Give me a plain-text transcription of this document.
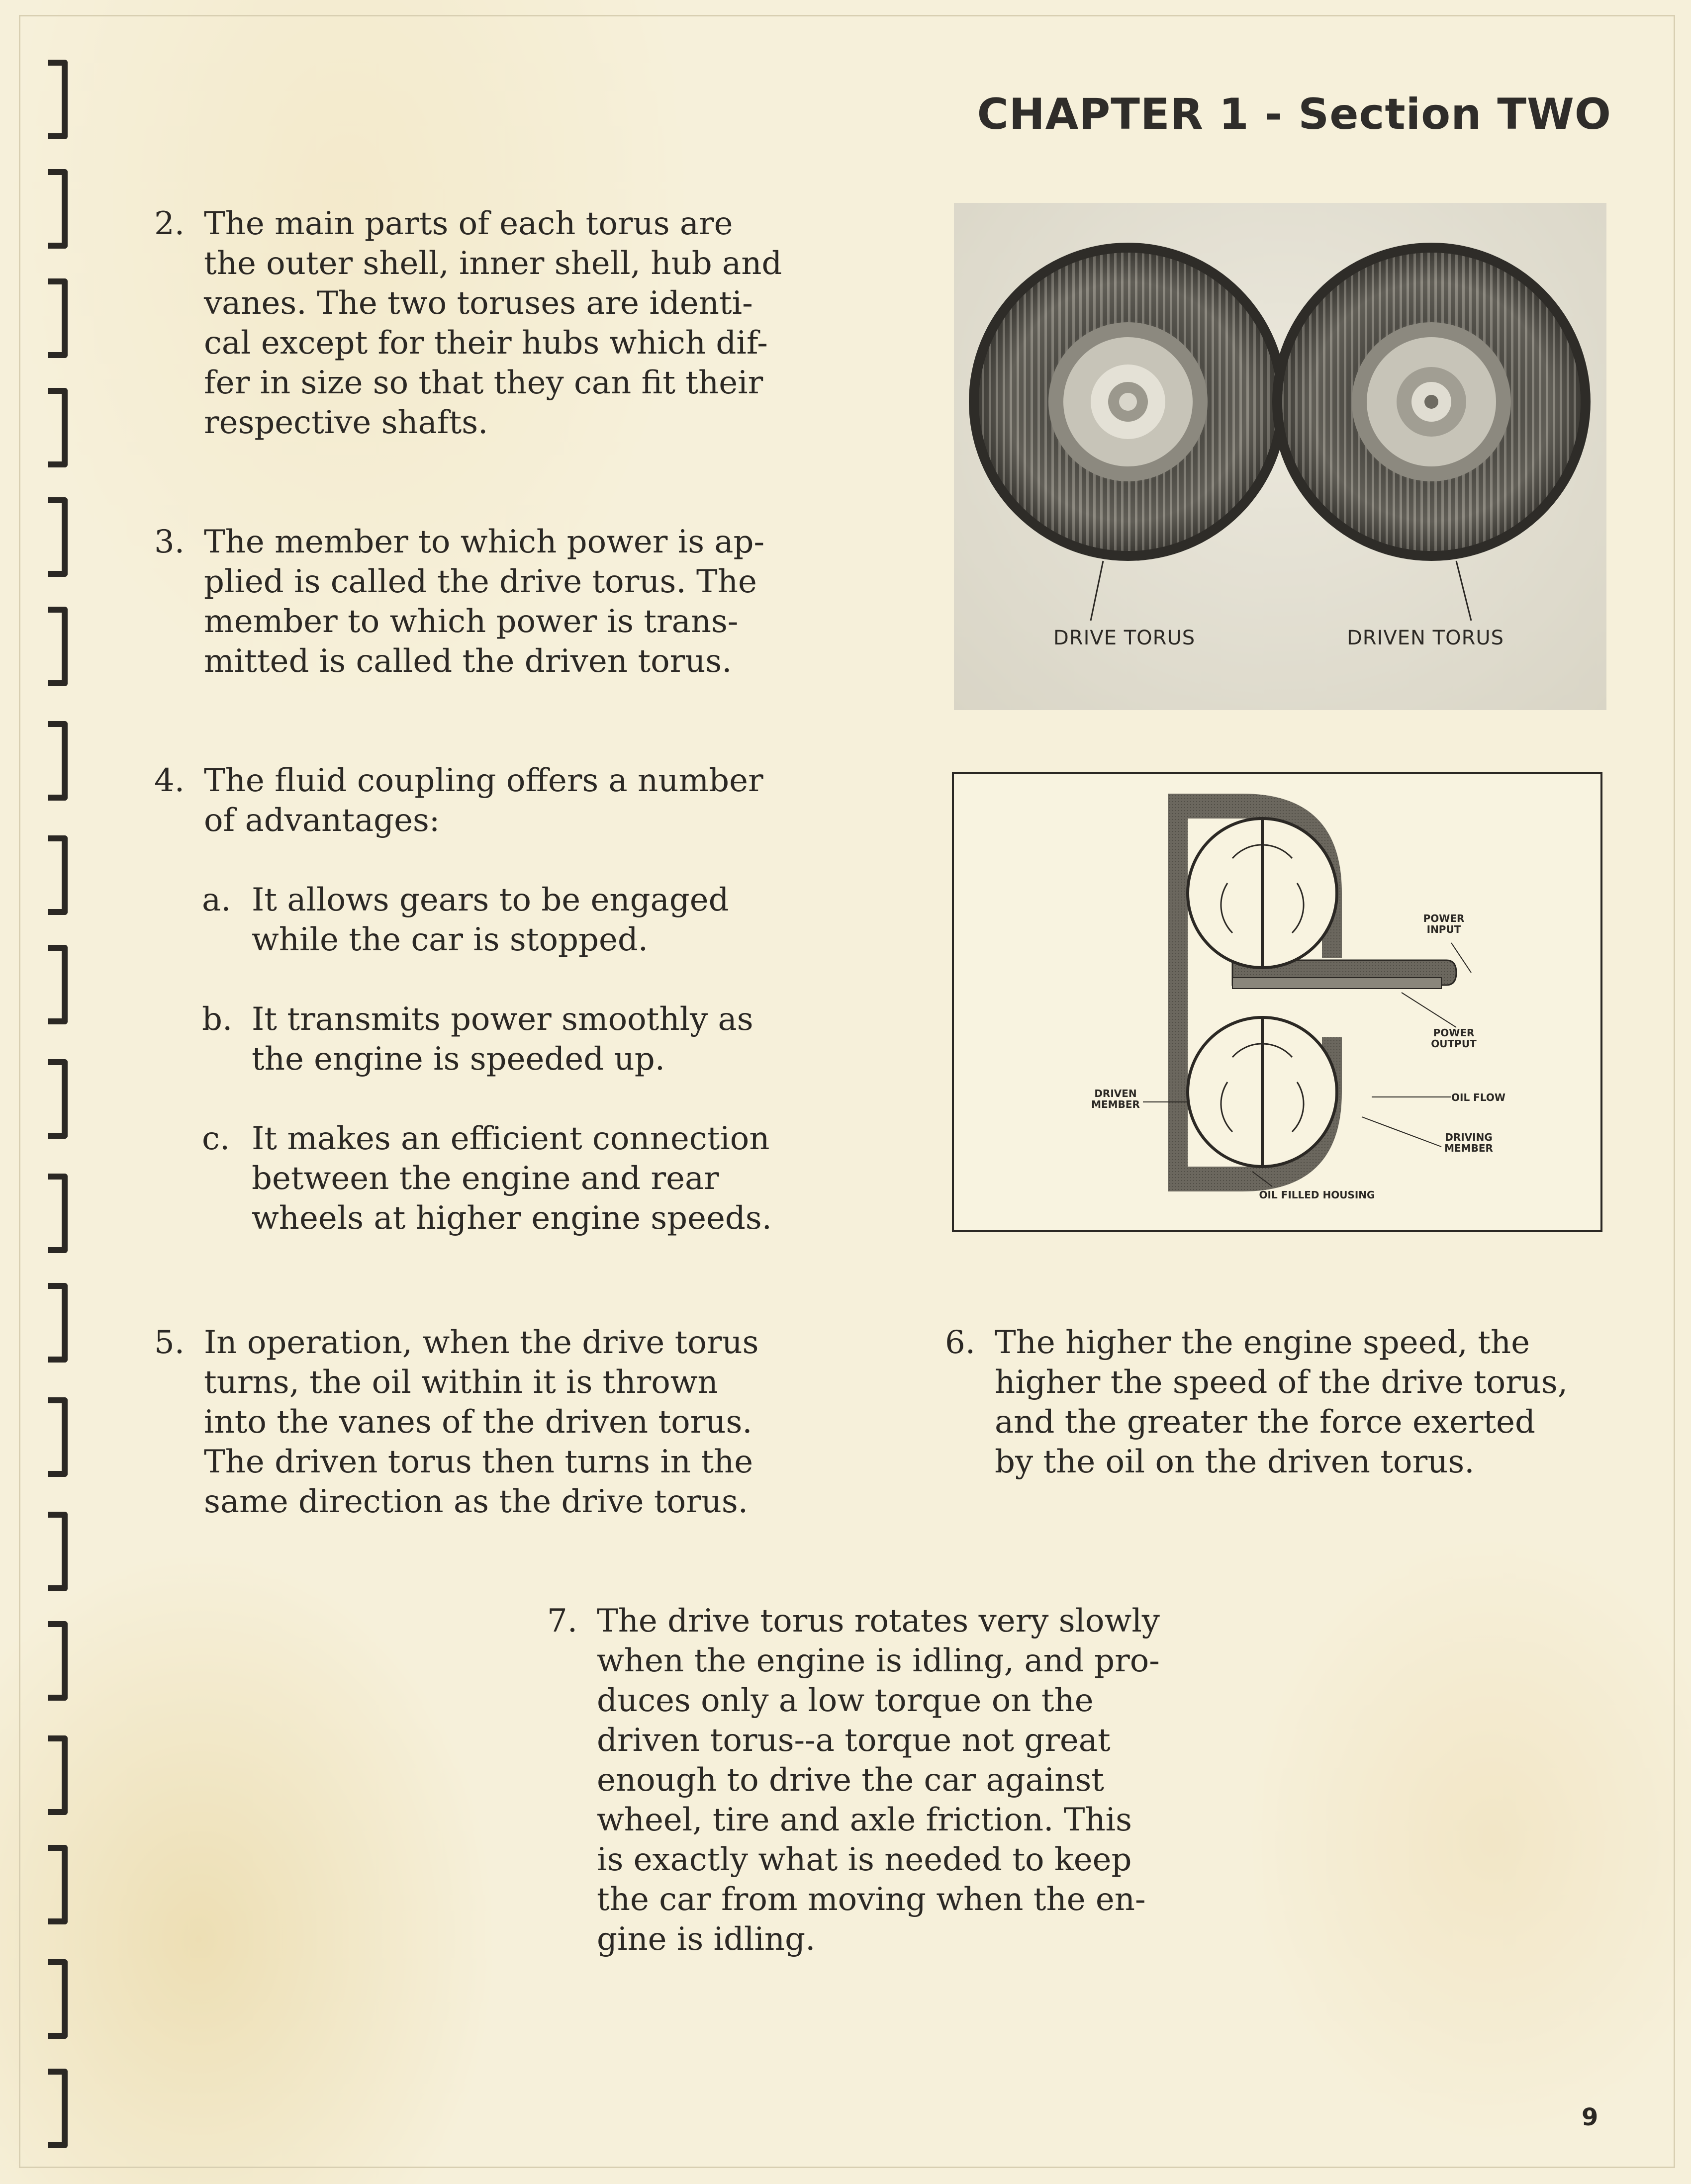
CHAPTER 1 - Section TWO
2. The main parts of each torus are
the outer shell, inner shell, hub and
vanes. The two toruses are identi-
cal except for their hubs which dif-
fer in size so that they can fit their
respective shafts.
3. The member to which power is ap-
plied is called the drive torus. The
member to which power is trans-
mitted is called the driven torus.
4. The fluid coupling offers a number
of advantages:
a. It allows gears to be engaged
while the car is stopped.
b. It transmits power smoothly as
the engine is speeded up.
c. It makes an efficient connection
between the engine and rear
wheels at higher engine speeds.
5. In operation, when the drive torus
turns, the oil within it is thrown
into the vanes of the driven torus.
The driven torus then turns in the
same direction as the drive torus.
6. The higher the engine speed, the
higher the speed of the drive torus,
and the greater the force exerted
by the oil on the driven torus.
7. The drive torus rotates very slowly
when the engine is idling, and pro-
duces only a low torque on the
driven torus--a torque not great
enough to drive the car against
wheel, tire and axle friction. This
is exactly what is needed to keep
the car from moving when the en-
gine is idling.
DRIVE TORUS	DRIVEN TORUS
POWER
INPUT
POWER
OUTPUT
DRIVEN
MEMBER
OIL FLOW
DRIVING
MEMBER
OIL FILLED HOUSING
9
